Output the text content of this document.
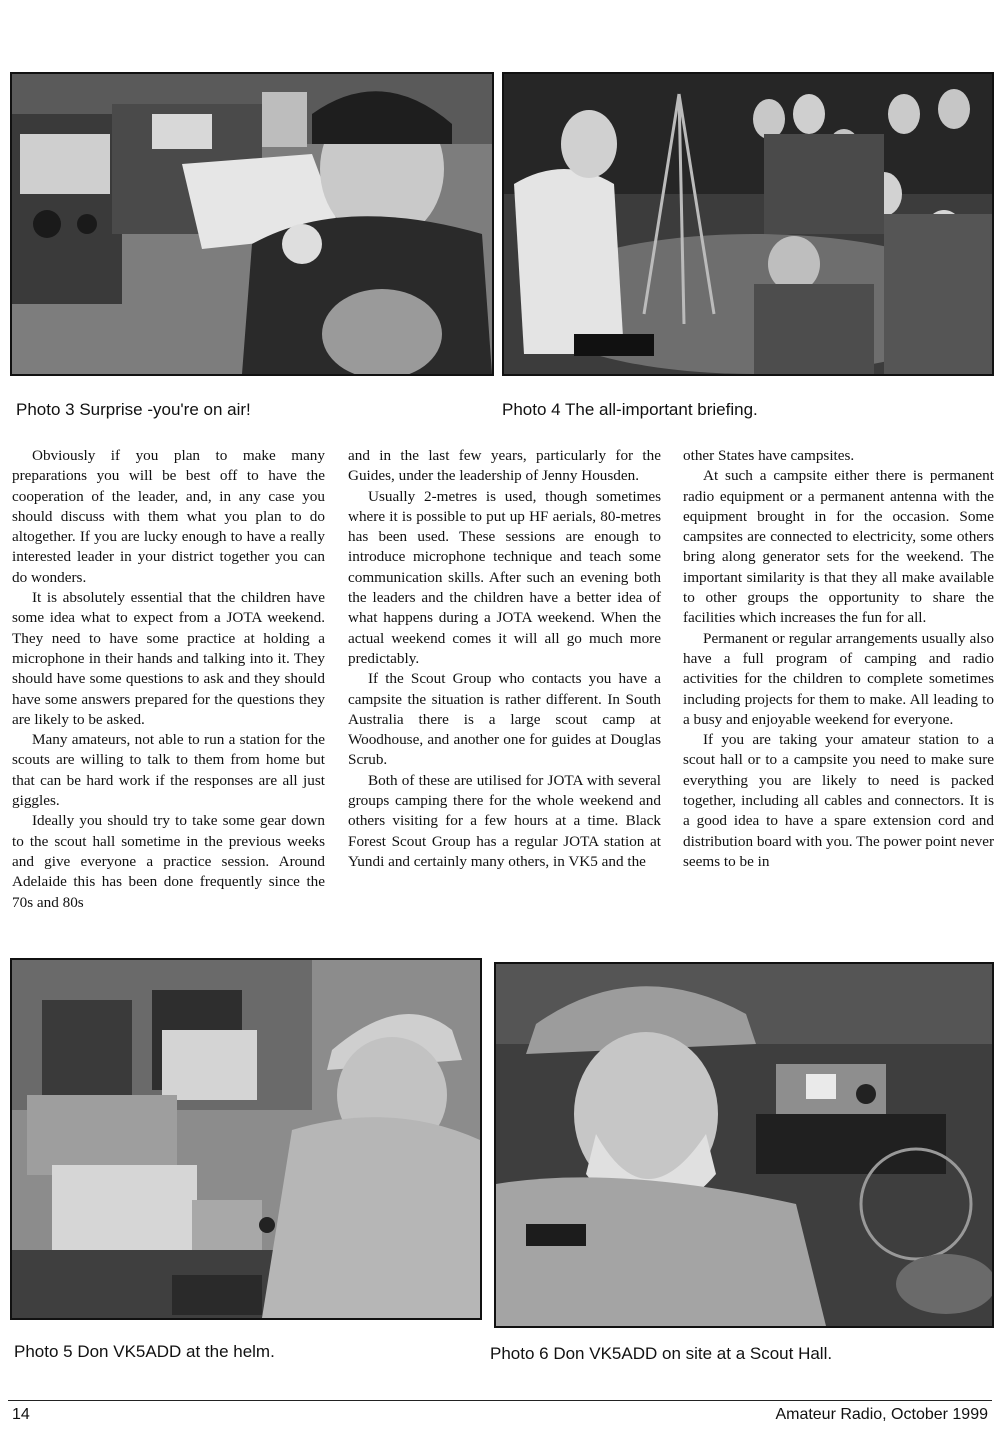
Photo 3 Surprise -you're on air!	Photo 4 The all-important briefing.

Obviously if you plan to make many preparations you will be best off to have the cooperation of the leader, and, in any case you should discuss with them what you plan to do altogether. If you are lucky enough to have a really interested leader in your district together you can do wonders.

It is absolutely essential that the children have some idea what to expect from a JOTA weekend. They need to have some practice at holding a microphone in their hands and talking into it. They should have some questions to ask and they should have some answers prepared for the questions they are likely to be asked.

Many amateurs, not able to run a station for the scouts are willing to talk to them from home but that can be hard work if the responses are all just giggles.

Ideally you should try to take some gear down to the scout hall sometime in the previous weeks and give everyone a practice session. Around Adelaide this has been done frequently since the 70s and 80s

and in the last few years, particularly for the Guides, under the leadership of Jenny Housden.

Usually 2-metres is used, though sometimes where it is possible to put up HF aerials, 80-metres has been used. These sessions are enough to introduce microphone technique and teach some communication skills. After such an evening both the leaders and the children have a better idea of what happens during a JOTA weekend. When the actual weekend comes it will all go much more predictably.

If the Scout Group who contacts you have a campsite the situation is rather different. In South Australia there is a large scout camp at Woodhouse, and another one for guides at Douglas Scrub.

Both of these are utilised for JOTA with several groups camping there for the whole weekend and others visiting for a few hours at a time. Black Forest Scout Group has a regular JOTA station at Yundi and certainly many others, in VK5 and the

other States have campsites.

At such a campsite either there is permanent radio equipment or a permanent antenna with the equipment brought in for the occasion. Some campsites are connected to electricity, some others bring along generator sets for the weekend. The important similarity is that they all make available to other groups the opportunity to share the facilities which increases the fun for all.

Permanent or regular arrangements usually also have a full program of camping and radio activities for the children to complete sometimes including projects for them to make. All leading to a busy and enjoyable weekend for everyone.

If you are taking your amateur station to a scout hall or to a campsite you need to make sure everything you are likely to need is packed together, including all cables and connectors. It is a good idea to have a spare extension cord and distribution board with you. The power point never seems to be in

Photo 5 Don VK5ADD at the helm.	Photo 6 Don VK5ADD on site at a Scout Hall.

14	Amateur Radio, October 1999
